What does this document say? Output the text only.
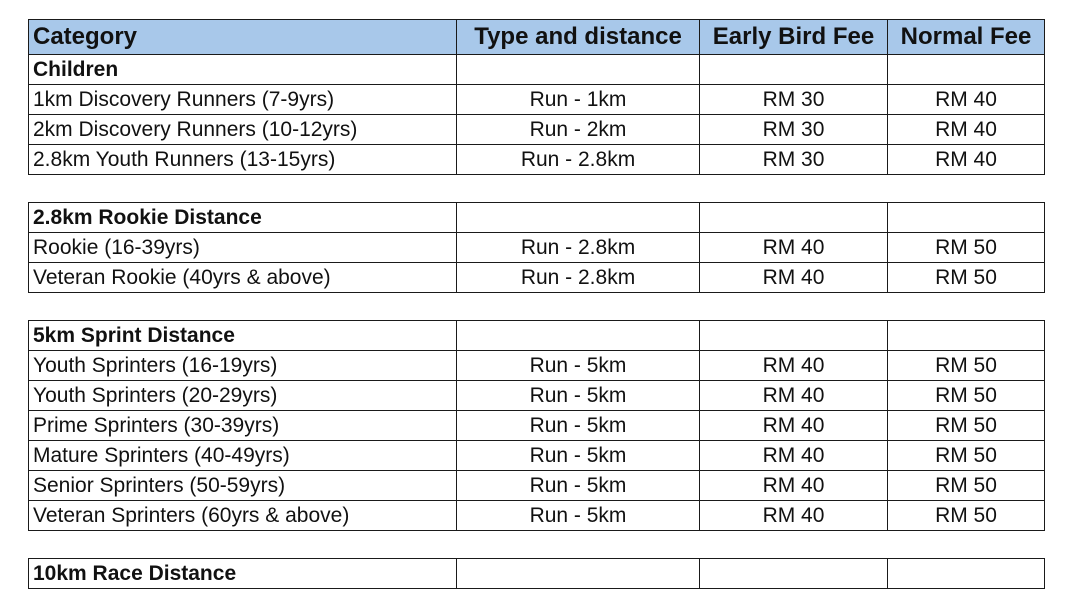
Category	Type and distance	Early Bird Fee	Normal Fee
Children			
1km Discovery Runners (7-9yrs)	Run - 1km	RM 30	RM 40
2km Discovery Runners (10-12yrs)	Run - 2km	RM 30	RM 40
2.8km Youth Runners (13-15yrs)	Run - 2.8km	RM 30	RM 40

2.8km Rookie Distance			
Rookie (16-39yrs)	Run - 2.8km	RM 40	RM 50
Veteran Rookie (40yrs & above)	Run - 2.8km	RM 40	RM 50

5km Sprint Distance			
Youth Sprinters (16-19yrs)	Run - 5km	RM 40	RM 50
Youth Sprinters (20-29yrs)	Run - 5km	RM 40	RM 50
Prime Sprinters (30-39yrs)	Run - 5km	RM 40	RM 50
Mature Sprinters (40-49yrs)	Run - 5km	RM 40	RM 50
Senior Sprinters (50-59yrs)	Run - 5km	RM 40	RM 50
Veteran Sprinters (60yrs & above)	Run - 5km	RM 40	RM 50

10km Race Distance			
